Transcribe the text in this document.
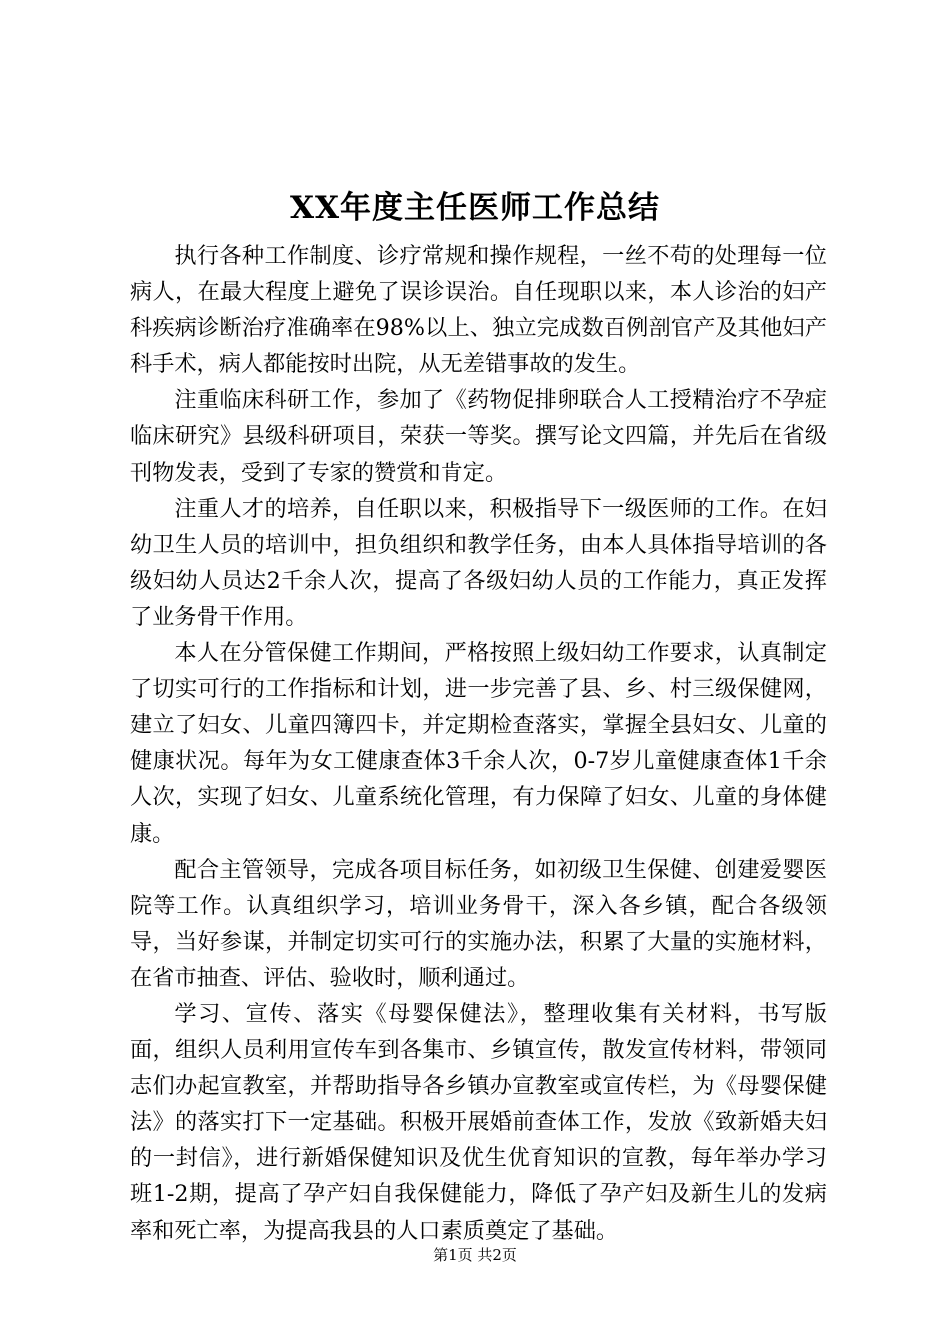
XX年度主任医师工作总结

执行各种工作制度、诊疗常规和操作规程，一丝不苟的处理每一位病人，在最大程度上避免了误诊误治。自任现职以来，本人诊治的妇产科疾病诊断治疗准确率在98%以上、独立完成数百例剖官产及其他妇产科手术，病人都能按时出院，从无差错事故的发生。

注重临床科研工作，参加了《药物促排卵联合人工授精治疗不孕症临床研究》县级科研项目，荣获一等奖。撰写论文四篇，并先后在省级刊物发表，受到了专家的赞赏和肯定。

注重人才的培养，自任职以来，积极指导下一级医师的工作。在妇幼卫生人员的培训中，担负组织和教学任务，由本人具体指导培训的各级妇幼人员达2千余人次，提高了各级妇幼人员的工作能力，真正发挥了业务骨干作用。

本人在分管保健工作期间，严格按照上级妇幼工作要求，认真制定了切实可行的工作指标和计划，进一步完善了县、乡、村三级保健网，建立了妇女、儿童四簿四卡，并定期检查落实，掌握全县妇女、儿童的健康状况。每年为女工健康查体3千余人次，0-7岁儿童健康查体1千余人次，实现了妇女、儿童系统化管理，有力保障了妇女、儿童的身体健康。

配合主管领导，完成各项目标任务，如初级卫生保健、创建爱婴医院等工作。认真组织学习，培训业务骨干，深入各乡镇，配合各级领导，当好参谋，并制定切实可行的实施办法，积累了大量的实施材料，在省市抽查、评估、验收时，顺利通过。

学习、宣传、落实《母婴保健法》，整理收集有关材料，书写版面，组织人员利用宣传车到各集市、乡镇宣传，散发宣传材料，带领同志们办起宣教室，并帮助指导各乡镇办宣教室或宣传栏，为《母婴保健法》的落实打下一定基础。积极开展婚前查体工作，发放《致新婚夫妇的一封信》，进行新婚保健知识及优生优育知识的宣教，每年举办学习班1-2期，提高了孕产妇自我保健能力，降低了孕产妇及新生儿的发病率和死亡率，为提高我县的人口素质奠定了基础。

第1页 共2页
